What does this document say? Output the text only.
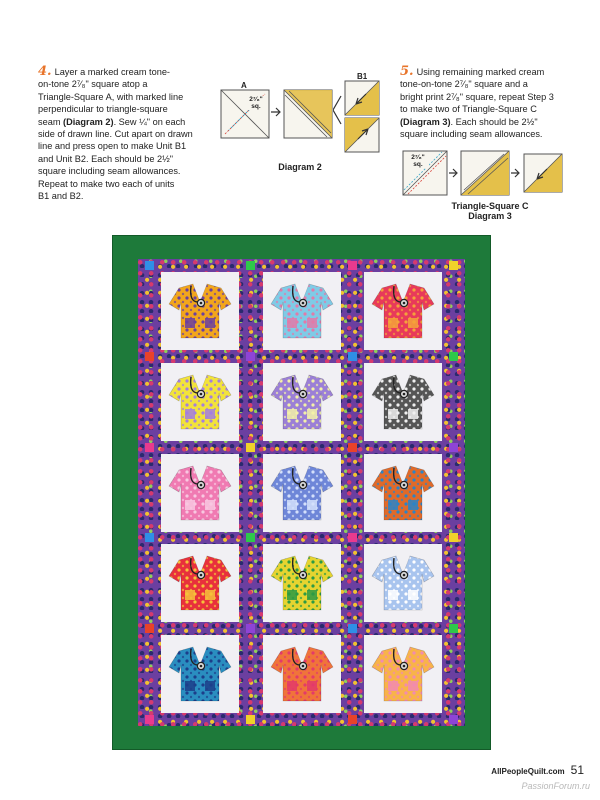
4. Layer a marked cream tone-
on-tone 2⁷⁄₈" square atop a
Triangle-Square A, with marked line
perpendicular to triangle-square
seam (Diagram 2). Sew ¼" on each
side of drawn line. Cut apart on drawn
line and press open to make Unit B1
and Unit B2. Each should be 2½"
square including seam allowances.
Repeat to make two each of units
B1 and B2.
A
2⁷⁄₈"
sq.
B1
Diagram 2
5. Using remaining marked cream
tone-on-tone 2⁷⁄₈" square and a
bright print 2⁷⁄₈" square, repeat Step 3
to make two of Triangle-Square C
(Diagram 3). Each should be 2½"
square including seam allowances.
2⁷⁄₈"
sq.
Triangle-Square C
Diagram 3
AllPeopleQuilt.com 51
PassionForum.ru
